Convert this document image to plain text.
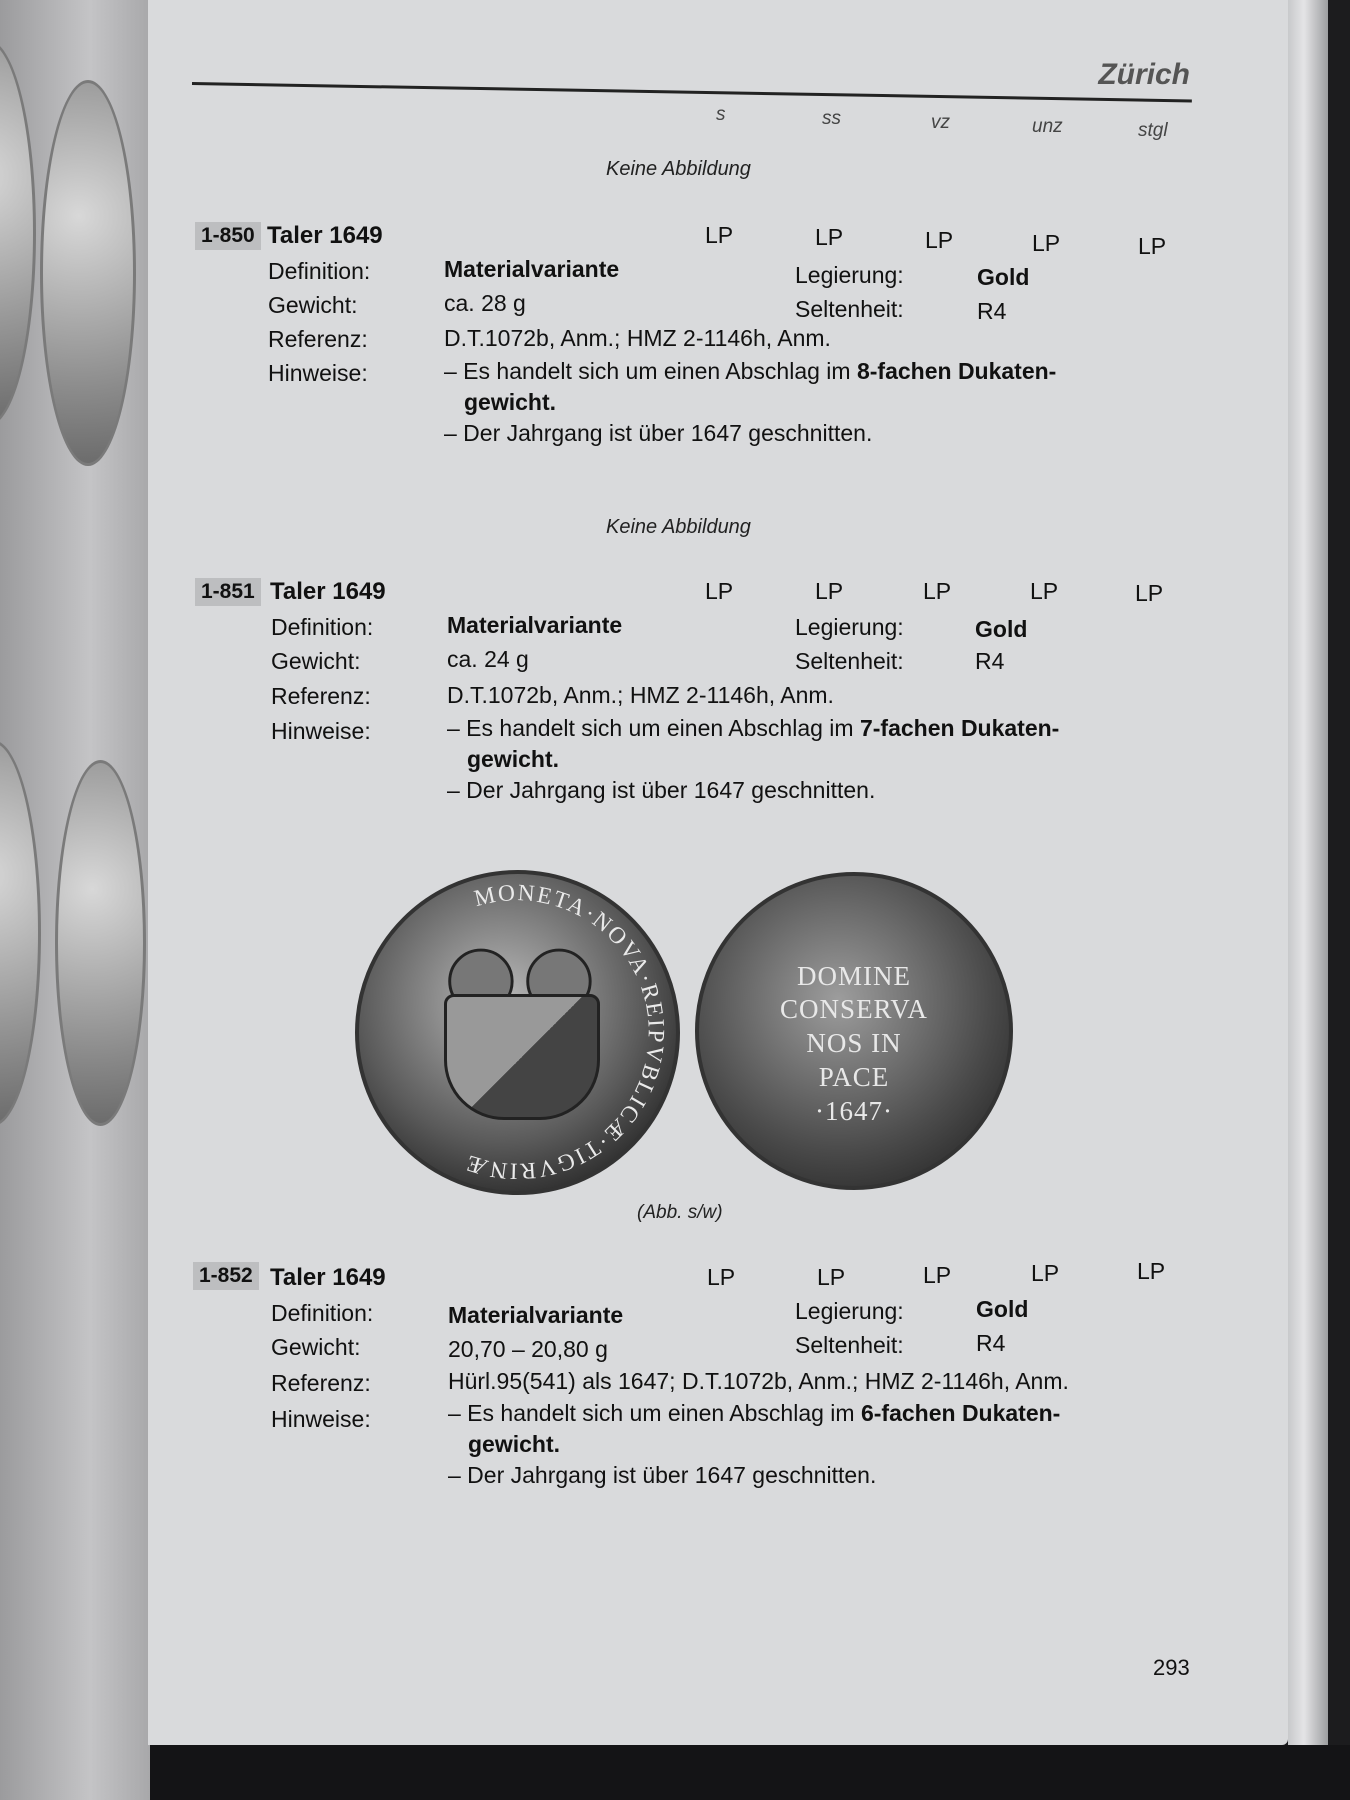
Zürich
s	ss	vz	unz	stgl
Keine Abbildung
1-850 Taler 1649	LP	LP	LP	LP	LP
Definition:	Materialvariante	Legierung:	Gold
Gewicht:	ca. 28 g	Seltenheit:	R4
Referenz:	D.T.1072b, Anm.; HMZ 2-1146h, Anm.
Hinweise:	– Es handelt sich um einen Abschlag im 8-fachen Dukaten-
gewicht.
– Der Jahrgang ist über 1647 geschnitten.
Keine Abbildung
1-851 Taler 1649	LP	LP	LP	LP	LP
Definition:	Materialvariante	Legierung:	Gold
Gewicht:	ca. 24 g	Seltenheit:	R4
Referenz:	D.T.1072b, Anm.; HMZ 2-1146h, Anm.
Hinweise:	– Es handelt sich um einen Abschlag im 7-fachen Dukaten-
gewicht.
– Der Jahrgang ist über 1647 geschnitten.
MONETA·NOVA·REIPVBLICÆ·TIGVRINÆ
DOMINE
CONSERVA
NOS IN
PACE
·1647·
(Abb. s/w)
1-852 Taler 1649	LP	LP	LP	LP	LP
Definition:	Materialvariante	Legierung:	Gold
Gewicht:	20,70 – 20,80 g	Seltenheit:	R4
Referenz:	Hürl.95(541) als 1647; D.T.1072b, Anm.; HMZ 2-1146h, Anm.
Hinweise:	– Es handelt sich um einen Abschlag im 6-fachen Dukaten-
gewicht.
– Der Jahrgang ist über 1647 geschnitten.
293
